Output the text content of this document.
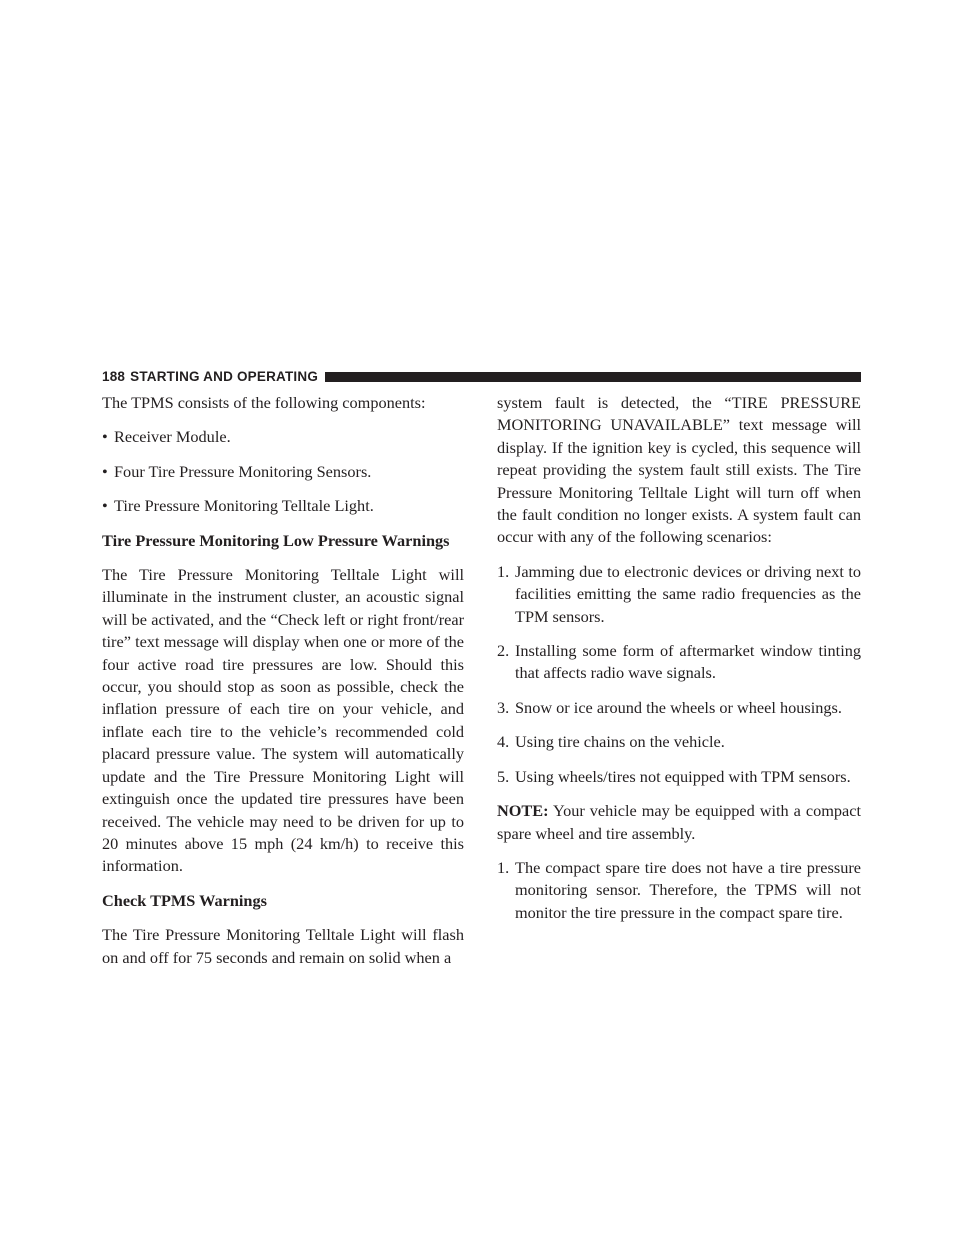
188 STARTING AND OPERATING

The TPMS consists of the following components:

• Receiver Module.
• Four Tire Pressure Monitoring Sensors.
• Tire Pressure Monitoring Telltale Light.
Tire Pressure Monitoring Low Pressure Warnings

The Tire Pressure Monitoring Telltale Light will illuminate in the instrument cluster, an acoustic signal will be activated, and the “Check left or right front/rear tire” text message will display when one or more of the four active road tire pressures are low. Should this occur, you should stop as soon as possible, check the inflation pressure of each tire on your vehicle, and inflate each tire to the vehicle’s recommended cold placard pressure value. The system will automatically update and the Tire Pressure Monitoring Light will extinguish once the updated tire pressures have been received. The vehicle may need to be driven for up to 20 minutes above 15 mph (24 km/h) to receive this information.

Check TPMS Warnings

The Tire Pressure Monitoring Telltale Light will flash on and off for 75 seconds and remain on solid when a

system fault is detected, the “TIRE PRESSURE MONITORING UNAVAILABLE” text message will display. If the ignition key is cycled, this sequence will repeat providing the system fault still exists. The Tire Pressure Monitoring Telltale Light will turn off when the fault condition no longer exists. A system fault can occur with any of the following scenarios:

1. Jamming due to electronic devices or driving next to facilities emitting the same radio frequencies as the TPM sensors.
2. Installing some form of aftermarket window tinting that affects radio wave signals.
3. Snow or ice around the wheels or wheel housings.
4. Using tire chains on the vehicle.
5. Using wheels/tires not equipped with TPM sensors.

NOTE: Your vehicle may be equipped with a compact spare wheel and tire assembly.

1. The compact spare tire does not have a tire pressure monitoring sensor. Therefore, the TPMS will not monitor the tire pressure in the compact spare tire.
